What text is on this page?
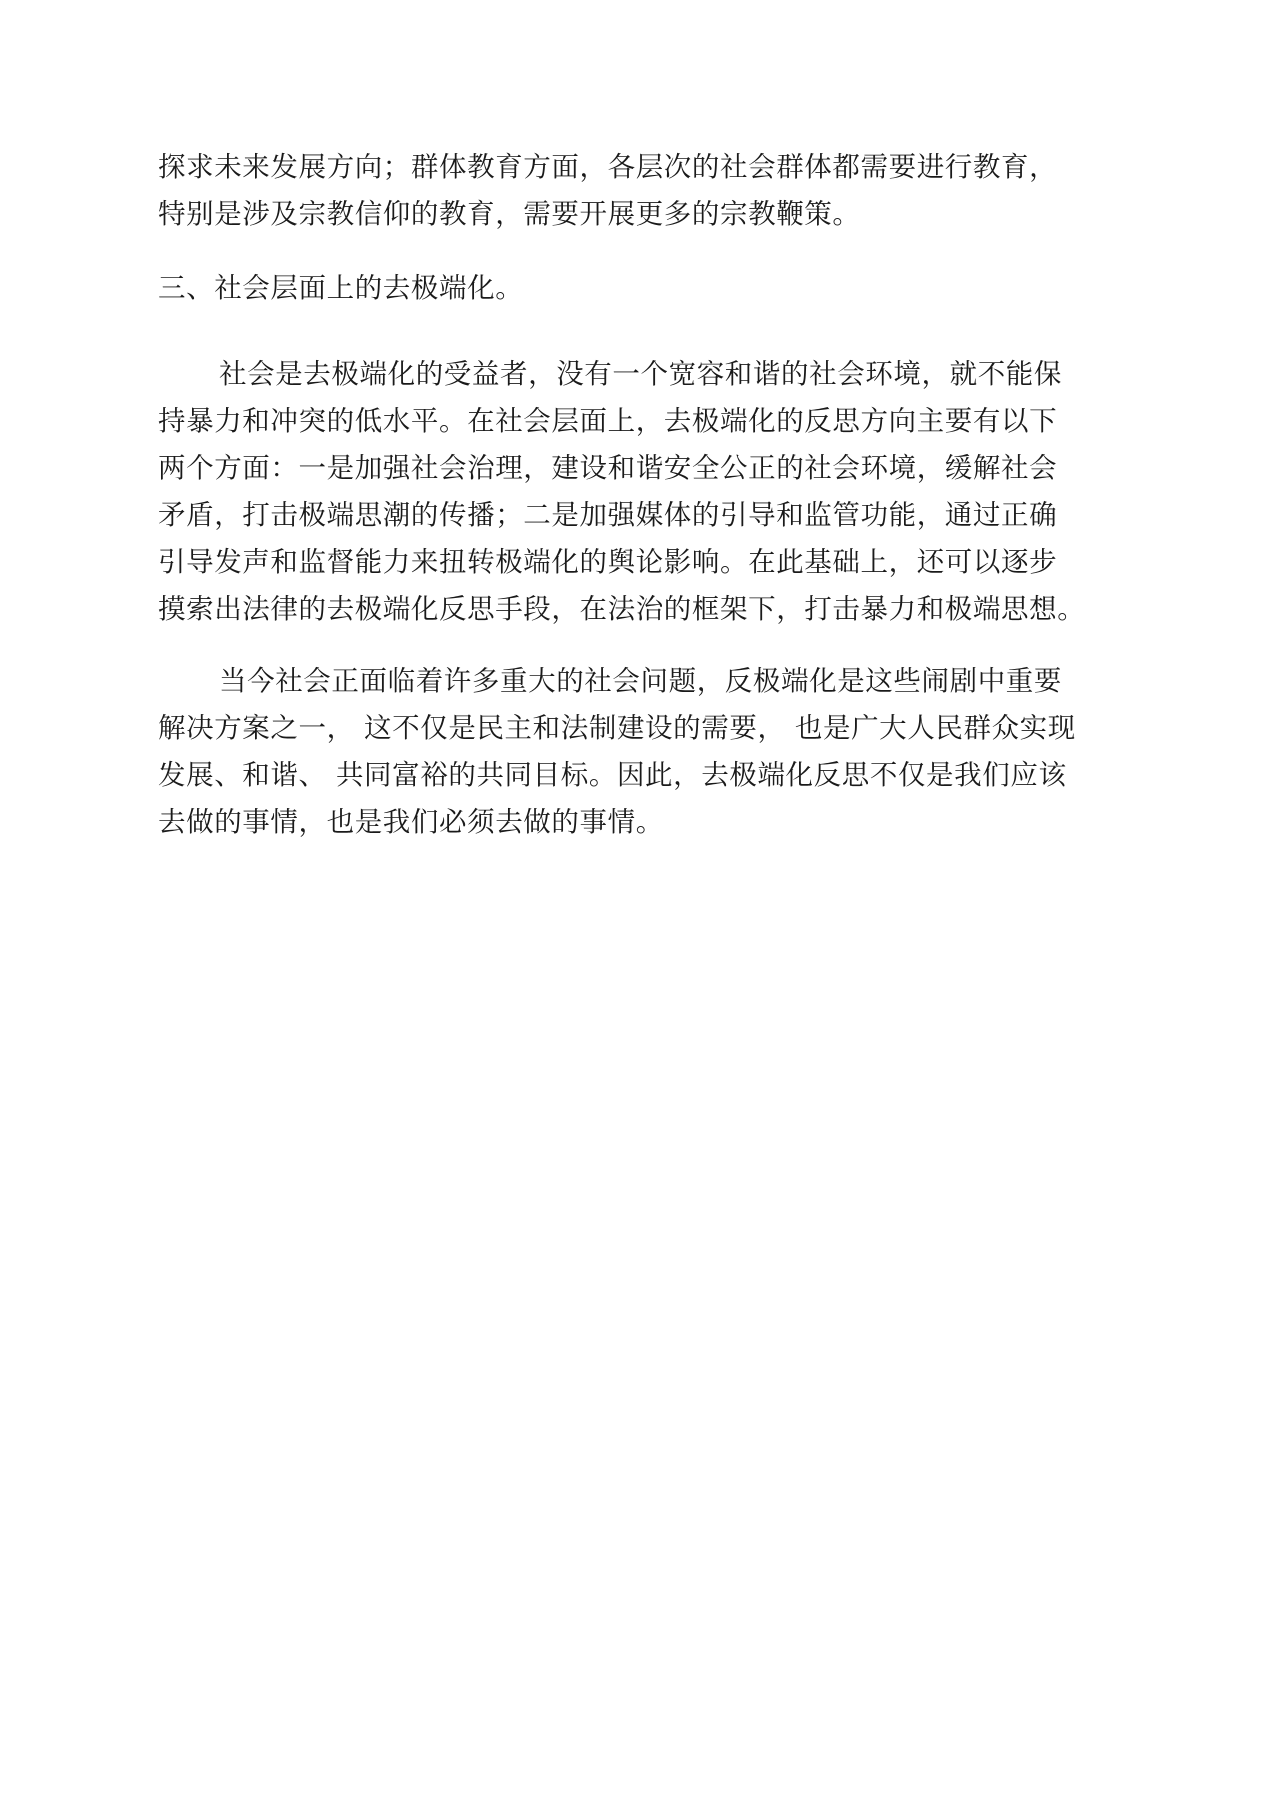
探求未来发展方向；群体教育方面，各层次的社会群体都需要进行教育，
特别是涉及宗教信仰的教育，需要开展更多的宗教鞭策。

三、社会层面上的去极端化。

社会是去极端化的受益者，没有一个宽容和谐的社会环境，就不能保
持暴力和冲突的低水平。在社会层面上，去极端化的反思方向主要有以下
两个方面：一是加强社会治理，建设和谐安全公正的社会环境，缓解社会
矛盾，打击极端思潮的传播；二是加强媒体的引导和监管功能，通过正确
引导发声和监督能力来扭转极端化的舆论影响。在此基础上，还可以逐步
摸索出法律的去极端化反思手段，在法治的框架下，打击暴力和极端思想。

当今社会正面临着许多重大的社会问题，反极端化是这些闹剧中重要
解决方案之一， 这不仅是民主和法制建设的需要， 也是广大人民群众实现
发展、和谐、 共同富裕的共同目标。因此，去极端化反思不仅是我们应该
去做的事情，也是我们必须去做的事情。
